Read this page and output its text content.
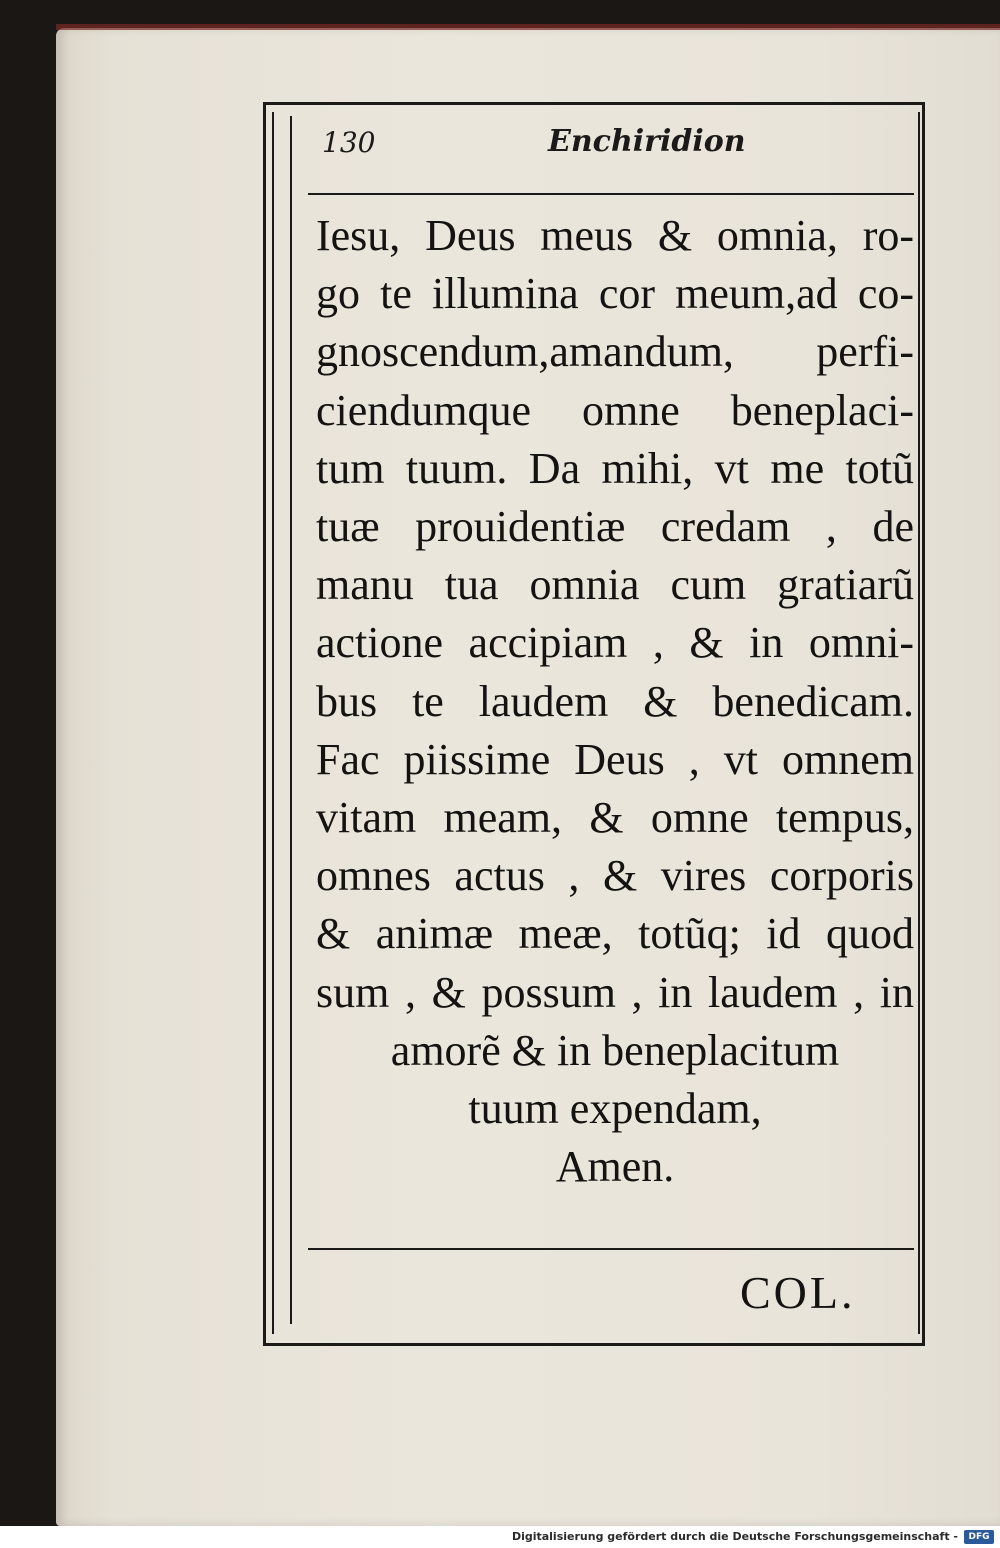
130	Enchiridion
Iesu, Deus meus & omnia, ro-
go te illumina cor meum,ad co-
gnoscendum,amandum, perfi-
ciendumque omne beneplaci-
tum tuum. Da mihi, vt me totũ
tuæ prouidentiæ credam , de
manu tua omnia cum gratiarũ
actione accipiam , & in omni-
bus te laudem & benedicam.
Fac piissime Deus , vt omnem
vitam meam, & omne tempus,
omnes actus , & vires corporis
& animæ meæ, totũq; id quod
sum , & possum , in laudem , in
amorẽ & in beneplacitum
tuum expendam,
Amen.
COL.
Digitalisierung gefördert durch die Deutsche Forschungsgemeinschaft -	DFG
